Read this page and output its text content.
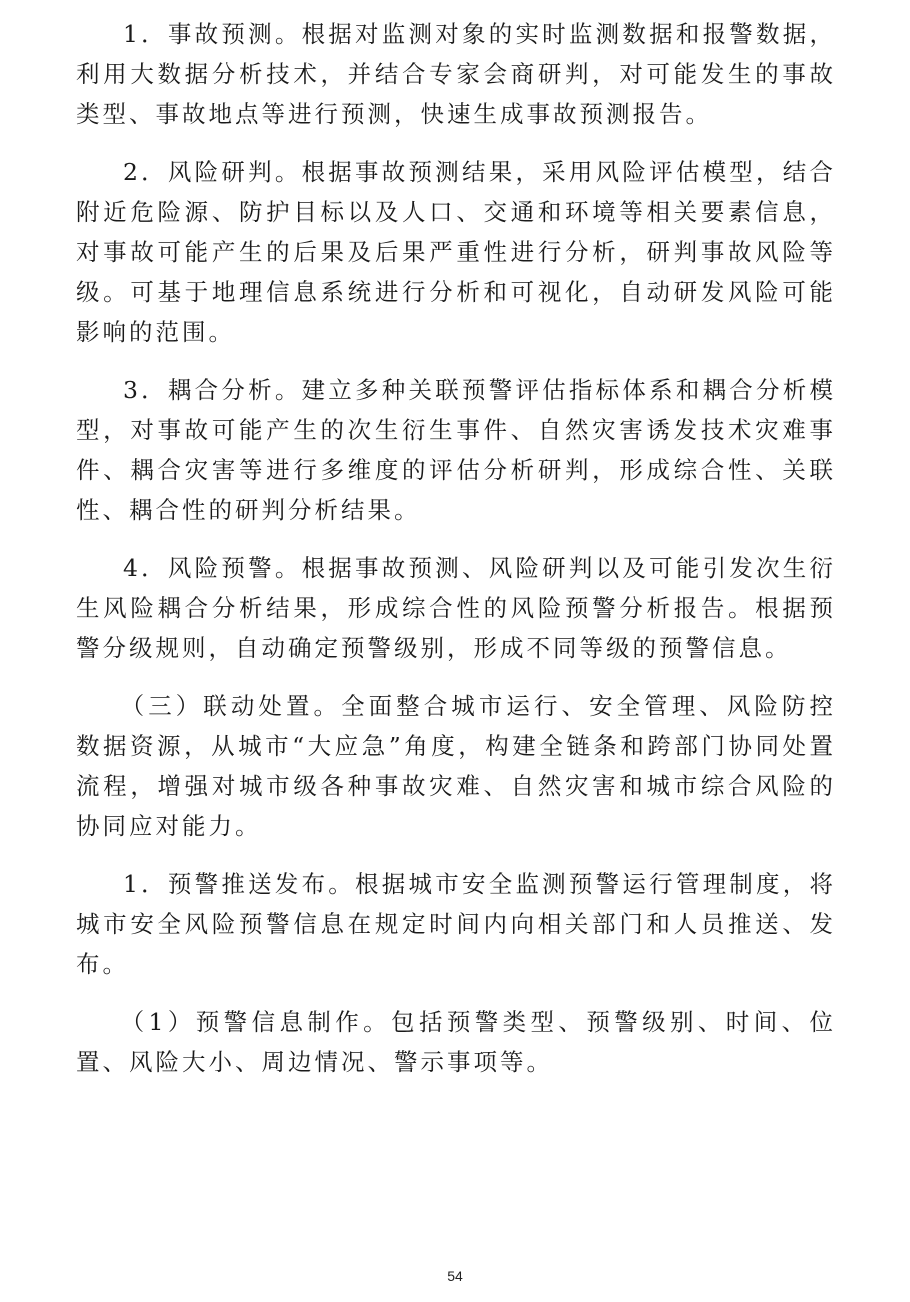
1．事故预测。根据对监测对象的实时监测数据和报警数据，利用大数据分析技术，并结合专家会商研判，对可能发生的事故类型、事故地点等进行预测，快速生成事故预测报告。

2．风险研判。根据事故预测结果，采用风险评估模型，结合附近危险源、防护目标以及人口、交通和环境等相关要素信息，对事故可能产生的后果及后果严重性进行分析，研判事故风险等级。可基于地理信息系统进行分析和可视化，自动研发风险可能影响的范围。

3．耦合分析。建立多种关联预警评估指标体系和耦合分析模型，对事故可能产生的次生衍生事件、自然灾害诱发技术灾难事件、耦合灾害等进行多维度的评估分析研判，形成综合性、关联性、耦合性的研判分析结果。

4．风险预警。根据事故预测、风险研判以及可能引发次生衍生风险耦合分析结果，形成综合性的风险预警分析报告。根据预警分级规则，自动确定预警级别，形成不同等级的预警信息。

（三）联动处置。全面整合城市运行、安全管理、风险防控数据资源，从城市“大应急”角度，构建全链条和跨部门协同处置流程，增强对城市级各种事故灾难、自然灾害和城市综合风险的协同应对能力。

1．预警推送发布。根据城市安全监测预警运行管理制度，将城市安全风险预警信息在规定时间内向相关部门和人员推送、发布。

（1）预警信息制作。包括预警类型、预警级别、时间、位置、风险大小、周边情况、警示事项等。

54
